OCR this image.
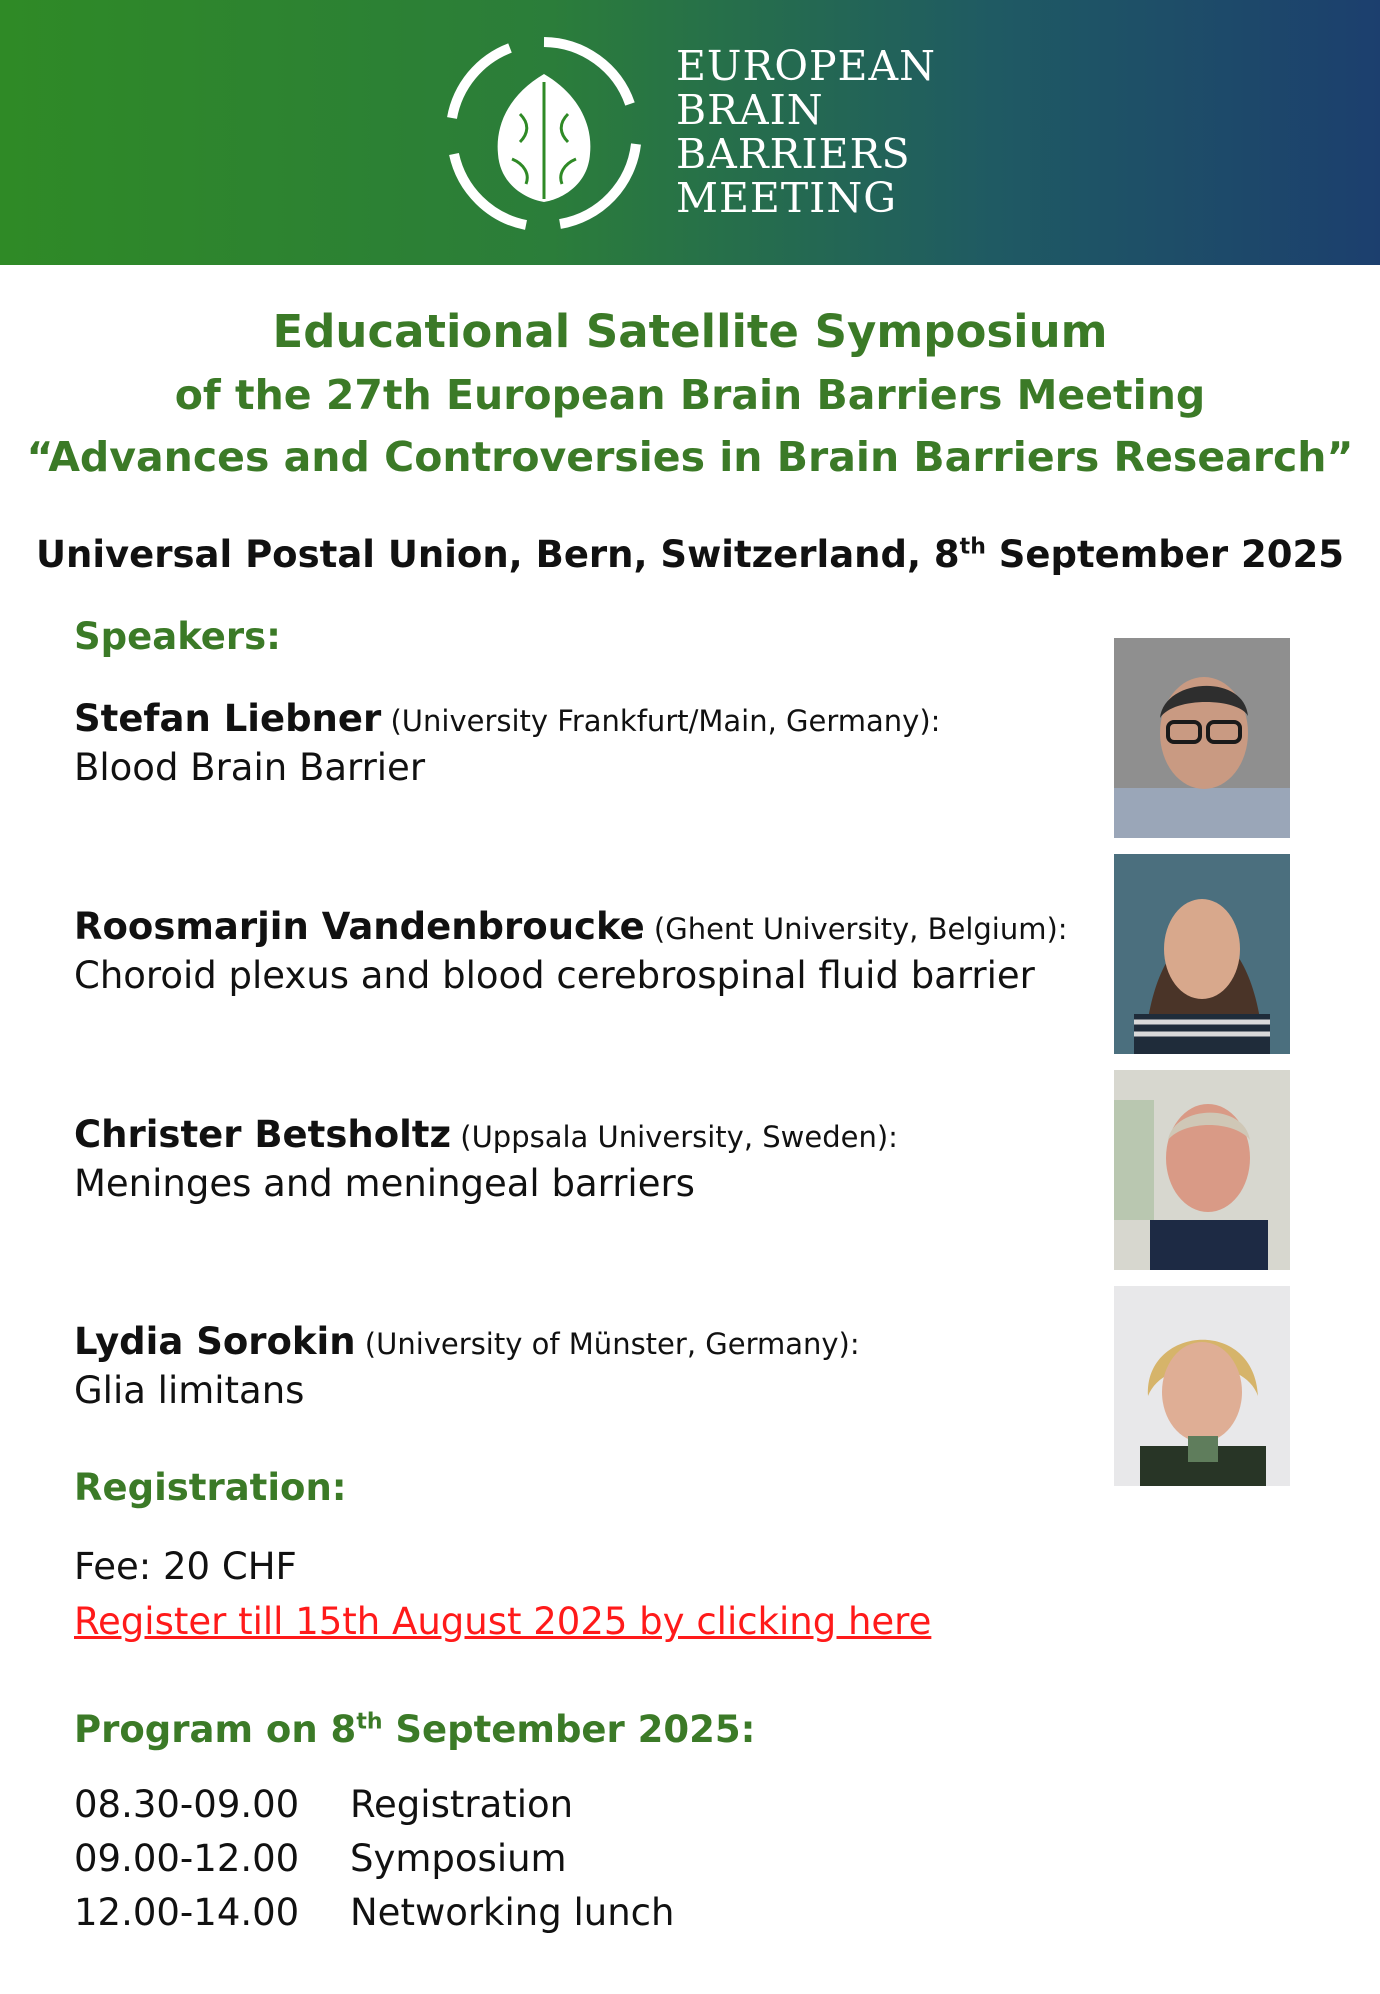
EUROPEAN
BRAIN
BARRIERS
MEETING
Educational Satellite Symposium
of the 27th European Brain Barriers Meeting
“Advances and Controversies in Brain Barriers Research”
Universal Postal Union, Bern, Switzerland, 8th September 2025
Speakers:
Stefan Liebner (University Frankfurt/Main, Germany):
Blood Brain Barrier
Roosmarjin Vandenbroucke (Ghent University, Belgium):
Choroid plexus and blood cerebrospinal fluid barrier
Christer Betsholtz (Uppsala University, Sweden):
Meninges and meningeal barriers
Lydia Sorokin (University of Münster, Germany):
Glia limitans
Registration:
Fee: 20 CHF
Register till 15th August 2025 by clicking here
Program on 8th September 2025:
08.30-09.00 Registration
09.00-12.00 Symposium
12.00-14.00 Networking lunch
